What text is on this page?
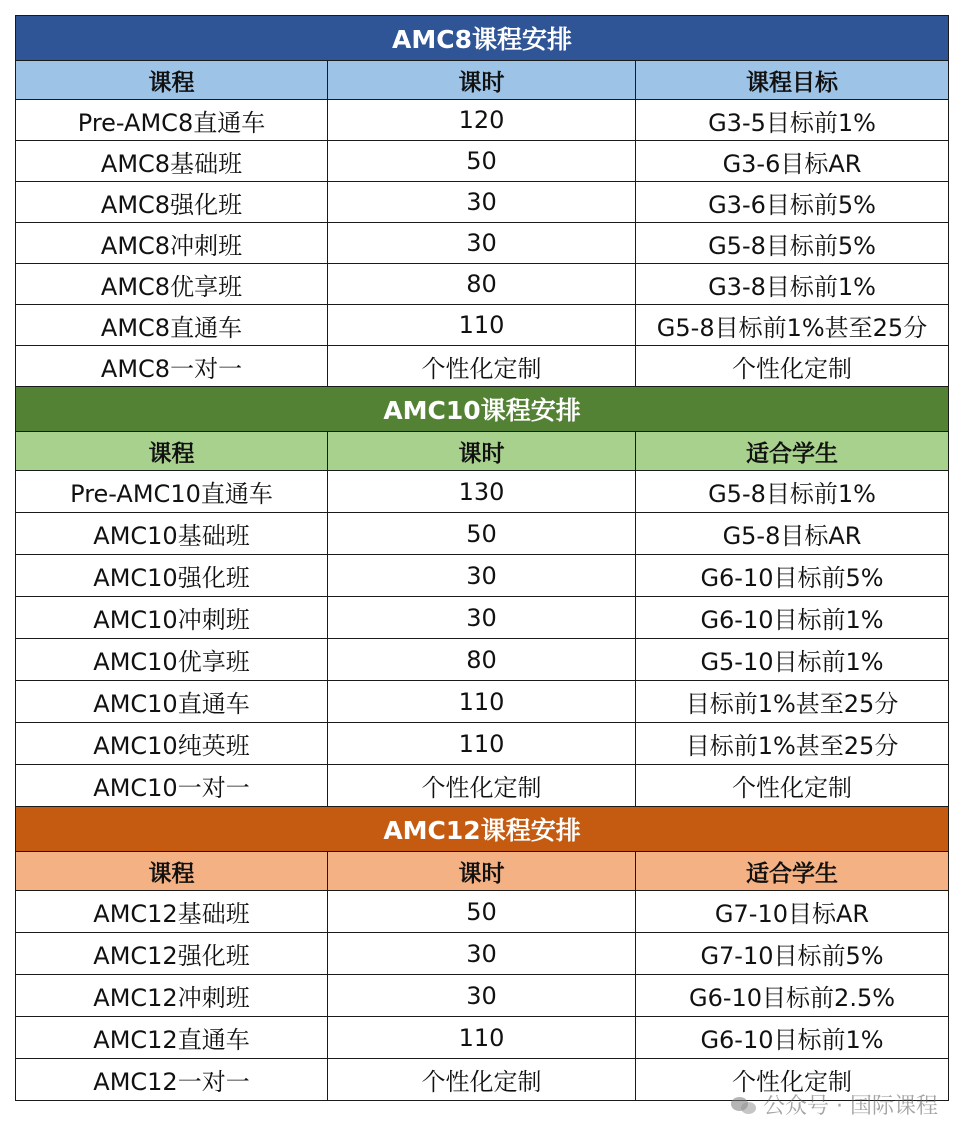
AMC8课程安排		
课程	课时	课程目标
Pre-AMC8直通车	120	G3-5目标前1%
AMC8基础班	50	G3-6目标AR
AMC8强化班	30	G3-6目标前5%
AMC8冲刺班	30	G5-8目标前5%
AMC8优享班	80	G3-8目标前1%
AMC8直通车	110	G5-8目标前1%甚至25分
AMC8一对一	个性化定制	个性化定制
AMC10课程安排		
课程	课时	适合学生
Pre-AMC10直通车	130	G5-8目标前1%
AMC10基础班	50	G5-8目标AR
AMC10强化班	30	G6-10目标前5%
AMC10冲刺班	30	G6-10目标前1%
AMC10优享班	80	G5-10目标前1%
AMC10直通车	110	目标前1%甚至25分
AMC10纯英班	110	目标前1%甚至25分
AMC10一对一	个性化定制	个性化定制
AMC12课程安排		
课程	课时	适合学生
AMC12基础班	50	G7-10目标AR
AMC12强化班	30	G7-10目标前5%
AMC12冲刺班	30	G6-10目标前2.5%
AMC12直通车	110	G6-10目标前1%
AMC12一对一	个性化定制	个性化定制
公众号 · 国际课程
